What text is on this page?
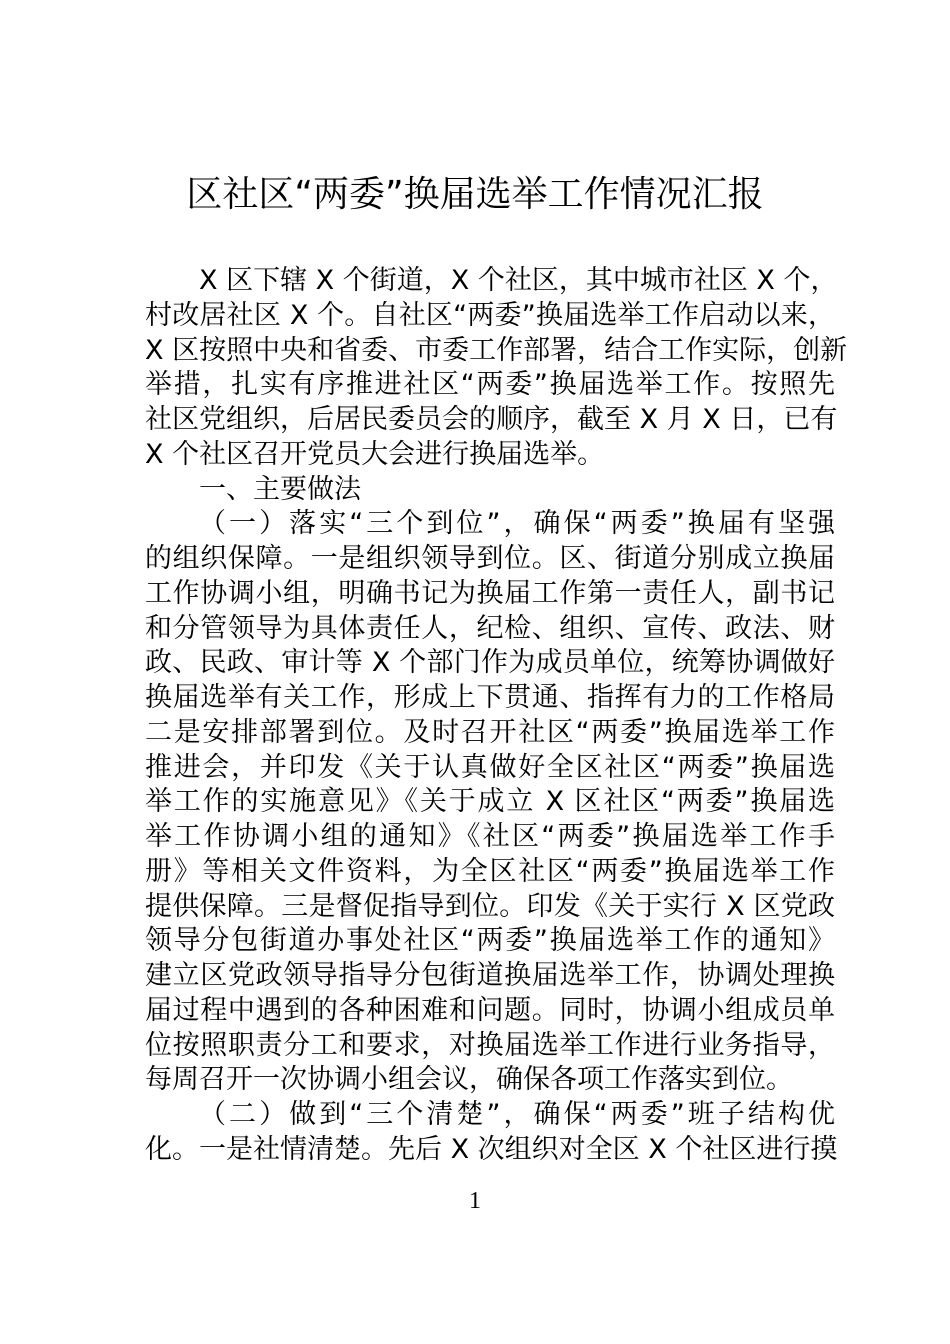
区社区“两委”换届选举工作情况汇报
X 区下辖 X 个街道，X 个社区，其中城市社区 X 个，
村改居社区 X 个。自社区“两委”换届选举工作启动以来，
X 区按照中央和省委、市委工作部署，结合工作实际，创新
举措，扎实有序推进社区“两委”换届选举工作。按照先
社区党组织，后居民委员会的顺序，截至 X 月 X 日，已有
X 个社区召开党员大会进行换届选举。
一、主要做法
（一）落实“三个到位”，确保“两委”换届有坚强
的组织保障。一是组织领导到位。区、街道分别成立换届
工作协调小组，明确书记为换届工作第一责任人，副书记
和分管领导为具体责任人，纪检、组织、宣传、政法、财
政、民政、审计等 X 个部门作为成员单位，统筹协调做好
换届选举有关工作，形成上下贯通、指挥有力的工作格局
二是安排部署到位。及时召开社区“两委”换届选举工作
推进会，并印发《关于认真做好全区社区“两委”换届选
举工作的实施意见》《关于成立 X 区社区“两委”换届选
举工作协调小组的通知》《社区“两委”换届选举工作手
册》等相关文件资料，为全区社区“两委”换届选举工作
提供保障。三是督促指导到位。印发《关于实行 X 区党政
领导分包街道办事处社区“两委”换届选举工作的通知》
建立区党政领导指导分包街道换届选举工作，协调处理换
届过程中遇到的各种困难和问题。同时，协调小组成员单
位按照职责分工和要求，对换届选举工作进行业务指导，
每周召开一次协调小组会议，确保各项工作落实到位。
（二）做到“三个清楚”，确保“两委”班子结构优
化。一是社情清楚。先后 X 次组织对全区 X 个社区进行摸
1
